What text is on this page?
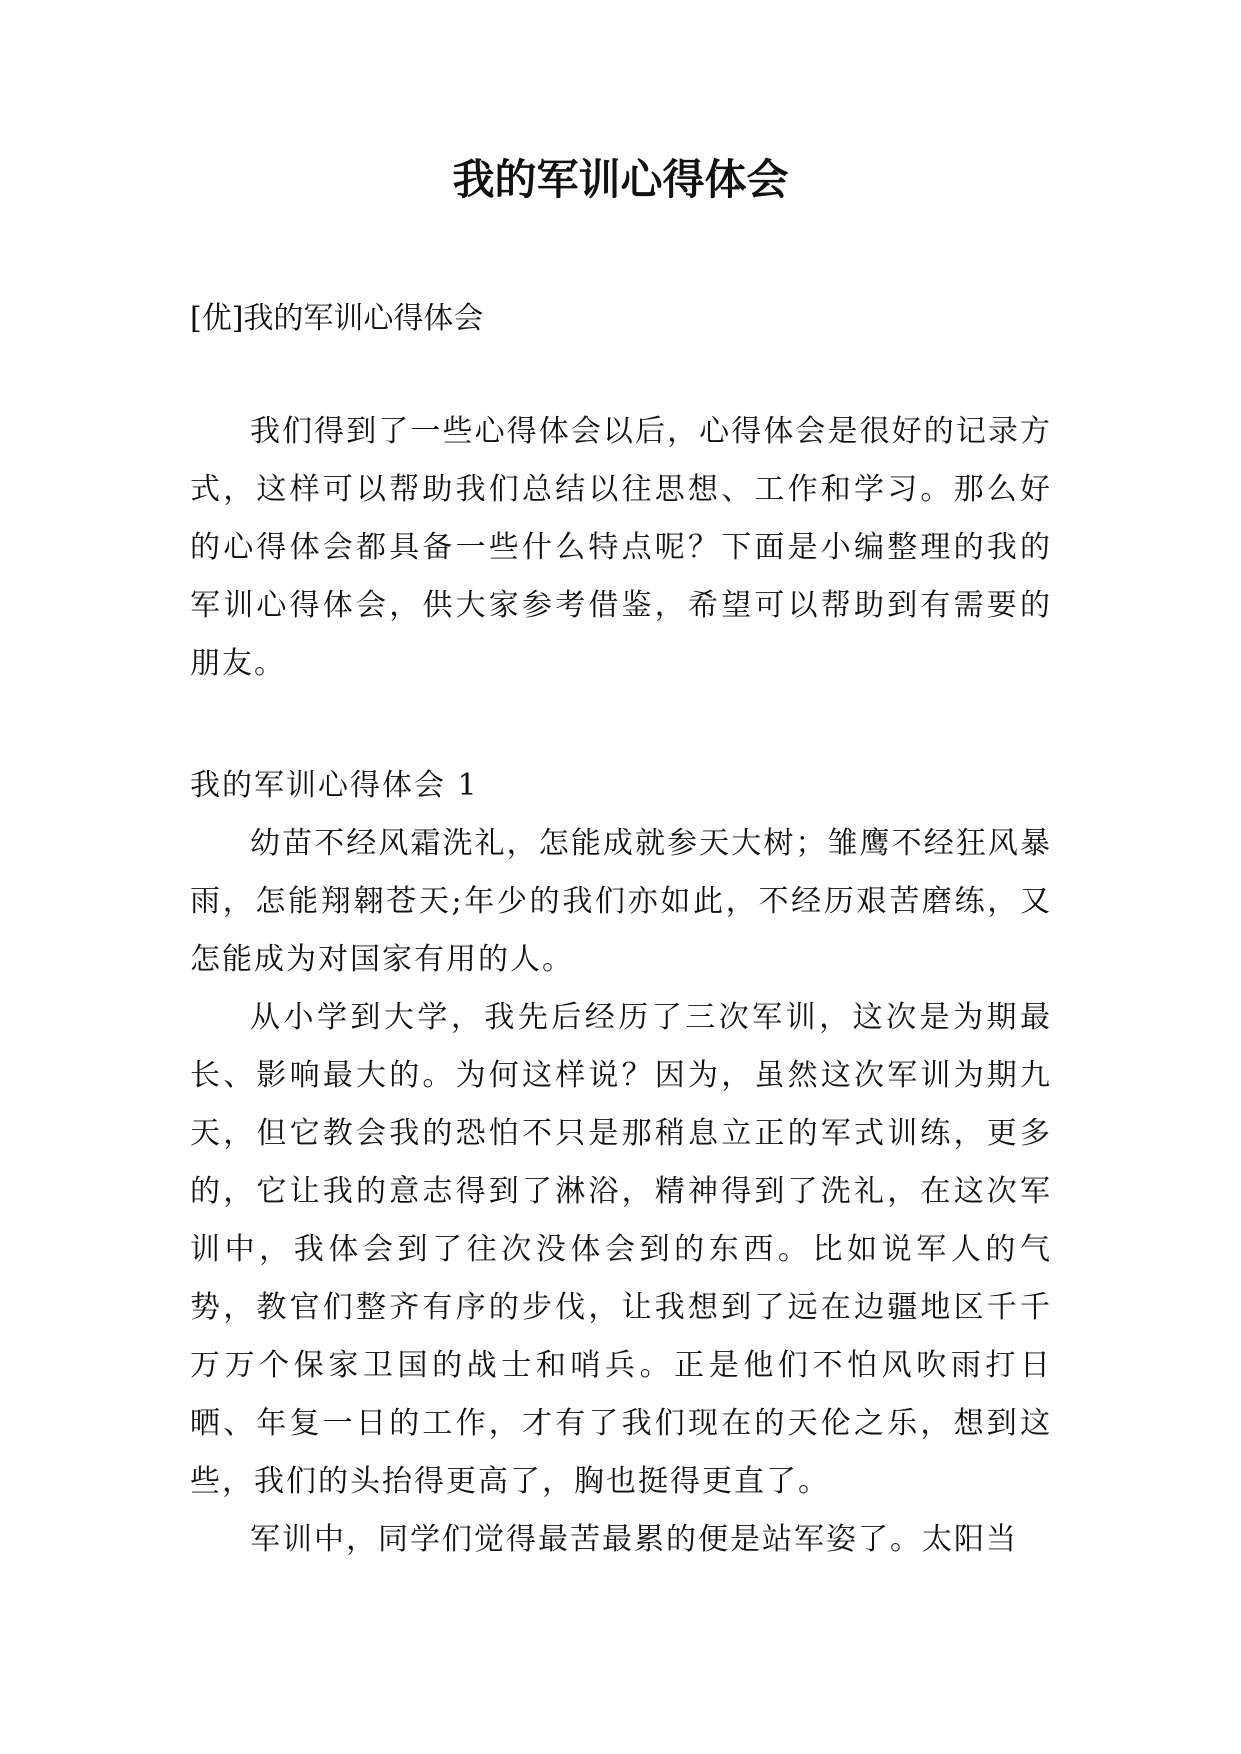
我的军训心得体会

[优]我的军训心得体会

我们得到了一些心得体会以后，心得体会是很好的记录方式，这样可以帮助我们总结以往思想、工作和学习。那么好的心得体会都具备一些什么特点呢？下面是小编整理的我的军训心得体会，供大家参考借鉴，希望可以帮助到有需要的朋友。

我的军训心得体会 1

幼苗不经风霜洗礼，怎能成就参天大树；雏鹰不经狂风暴雨，怎能翔翱苍天;年少的我们亦如此，不经历艰苦磨练，又怎能成为对国家有用的人。

从小学到大学，我先后经历了三次军训，这次是为期最长、影响最大的。为何这样说？因为，虽然这次军训为期九天，但它教会我的恐怕不只是那稍息立正的军式训练，更多的，它让我的意志得到了淋浴，精神得到了洗礼，在这次军训中，我体会到了往次没体会到的东西。比如说军人的气势，教官们整齐有序的步伐，让我想到了远在边疆地区千千万万个保家卫国的战士和哨兵。正是他们不怕风吹雨打日晒、年复一日的工作，才有了我们现在的天伦之乐，想到这些，我们的头抬得更高了，胸也挺得更直了。

军训中，同学们觉得最苦最累的便是站军姿了。太阳当
